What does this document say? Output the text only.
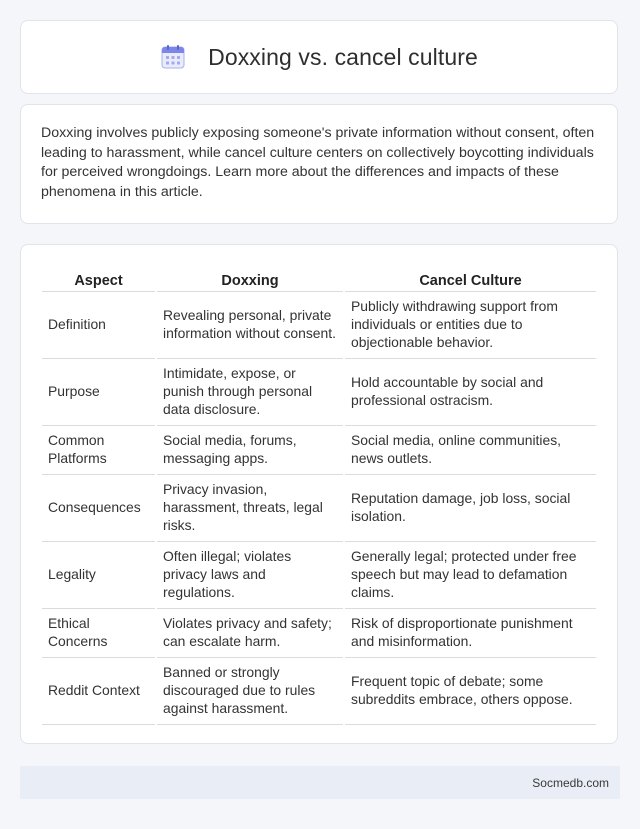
Doxxing vs. cancel culture

Doxxing involves publicly exposing someone's private information without consent, often leading to harassment, while cancel culture centers on collectively boycotting individuals for perceived wrongdoings. Learn more about the differences and impacts of these phenomena in this article.

Aspect	Doxxing	Cancel Culture
Definition	Revealing personal, private information without consent.	Publicly withdrawing support from individuals or entities due to objectionable behavior.
Purpose	Intimidate, expose, or punish through personal data disclosure.	Hold accountable by social and professional ostracism.
Common Platforms	Social media, forums, messaging apps.	Social media, online communities, news outlets.
Consequences	Privacy invasion, harassment, threats, legal risks.	Reputation damage, job loss, social isolation.
Legality	Often illegal; violates privacy laws and regulations.	Generally legal; protected under free speech but may lead to defamation claims.
Ethical Concerns	Violates privacy and safety; can escalate harm.	Risk of disproportionate punishment and misinformation.
Reddit Context	Banned or strongly discouraged due to rules against harassment.	Frequent topic of debate; some subreddits embrace, others oppose.
Socmedb.com
